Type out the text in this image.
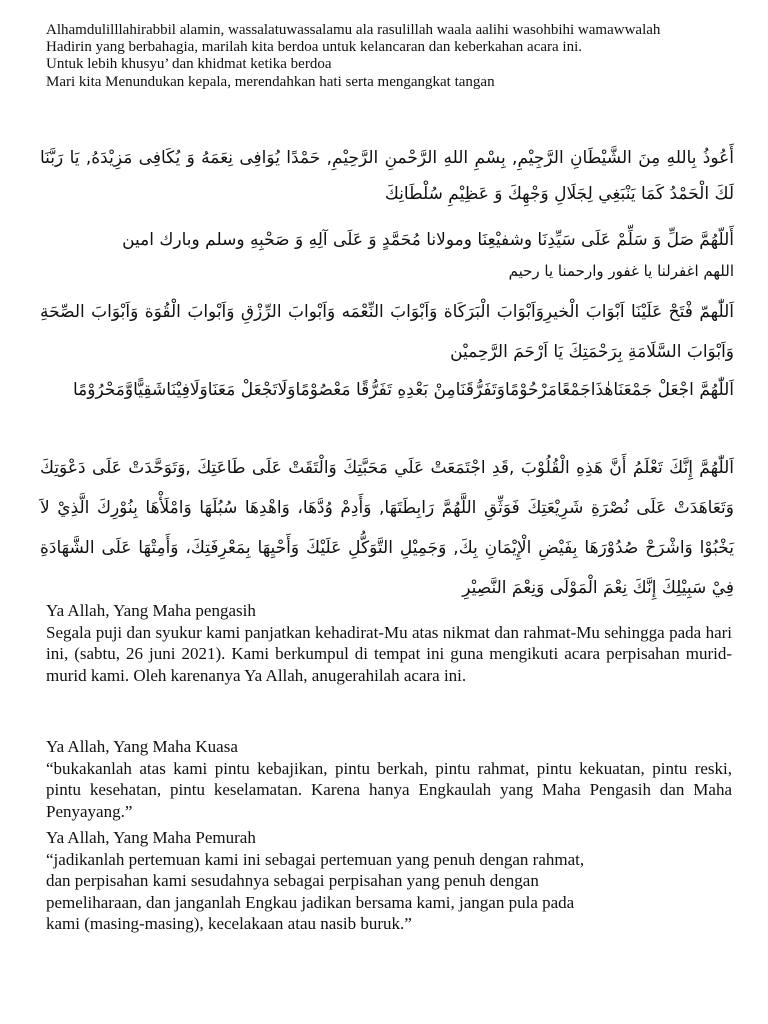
Alhamdulilllahirabbil alamin, wassalatuwassalamu ala rasulillah waala aalihi wasohbihi wamawwalah

Hadirin yang berbahagia, marilah kita berdoa untuk kelancaran dan keberkahan acara ini.

Untuk lebih khusyu’ dan khidmat ketika berdoa

Mari kita Menundukan kepala, merendahkan hati serta mengangkat tangan

أَعُوذُ بِاللهِ مِنَ الشَّيْطَانِ الرَّجِيْمِ, بِسْمِ اللهِ الرَّحْمنِ الرَّحِيْمِ, حَمْدًا يُوَافِى نِعَمَهُ وَ يُكَافِى مَزِيْدَهُ, يَا رَبَّنَا لَكَ الْحَمْدُ كَمَا يَنْبَغِي لِجَلَالِ وَجْهِكَ وَ عَظِيْمِ سُلْطَانِكَ

أَللّهُمَّ صَلِّ وَ سَلِّمْ عَلَى سَيِّدِنَا وشفيْعِنَا ومولانا مُحَمَّدٍ وَ عَلَى آلِهِ وَ صَحْبِهِ وسلم وبارك امين

اللهم اغفرلنا يا غفور وارحمنا يا رحيم

اَللّٰهمّ فْتَحْ عَلَيْنَا اَبْوَابَ الْخيرِوَاَبْوَابَ الْبَرَكَاة وَاَبْوَابَ النِّعْمَه وَاَبْوابَ الرِّزْقِ وَاَبْوابَ الْقُوَة وَاَبْوَابَ الصِّحَةِ وَاَبْوَابَ السَّلَامَةِ بِرَحْمَتِكَ يَا اَرْحَمَ الرَّحِميْن

اَللّٰهُمَّ اجْعَلْ جَمْعَنَاهٰذَاجَمْعًامَرْحُوْمًاوَتَفَرُّقَنَامِنْ بَعْدِهِ تَفَرُّقًا مَعْصُوْمًاوَلَاتَجْعَلْ مَعَنَاوَلَافِيْنَاشَقِيًّاوَّمَحْرُوْمًا

اَللّٰهُمَّ إِنَّكَ تَعْلَمُ أَنَّ هَذِهِ الْقُلُوْبَ ,قَدِ اجْتَمَعَتْ عَلَي مَحَبَّتِكَ وَالْتَقَتْ عَلَى طَاعَتِكَ ,وَتَوَحَّدَتْ عَلَى دَعْوَتِكَ وَتَعَاهَدَتْ عَلَى نُصْرَةِ شَرِيْعَتِكَ فَوَثِّقِ اللَّهُمَّ رَابِطَتَهَا, وَأَدِمْ وُدَّهَا، وَاهْدِهَا سُبُلَهَا وَامْلَأْهَا بِنُوْرِكَ الَّذِيْ لاَ يَخْبُوْا وَاشْرَحْ صُدُوْرَهَا بِفَيْضِ الْإِيْمَانِ بِكَ, وَجَمِيْلِ التَّوَكُّلِ عَلَيْكَ وَأَحْيِهَا بِمَعْرِفَتِكَ، وَأَمِتْهَا عَلَى الشَّهَادَةِ فِيْ سَبِيْلِكَ إِنَّكَ نِعْمَ الْمَوْلَى وَنِعْمَ النَّصِيْرِ

Ya Allah, Yang Maha pengasih

Segala puji dan syukur kami panjatkan kehadirat-Mu atas nikmat dan rahmat-Mu sehingga pada hari ini, (sabtu, 26 juni 2021). Kami berkumpul di tempat ini guna mengikuti acara perpisahan murid-murid kami. Oleh karenanya Ya Allah, anugerahilah acara ini.

Ya Allah, Yang Maha Kuasa

“bukakanlah atas kami pintu kebajikan, pintu berkah, pintu rahmat, pintu kekuatan, pintu reski, pintu kesehatan, pintu keselamatan. Karena hanya Engkaulah yang Maha Pengasih dan Maha Penyayang.”

Ya Allah, Yang Maha Pemurah

“jadikanlah pertemuan kami ini sebagai pertemuan yang penuh dengan rahmat,

dan perpisahan kami sesudahnya sebagai perpisahan yang penuh dengan

pemeliharaan, dan janganlah Engkau jadikan bersama kami, jangan pula pada

kami (masing-masing), kecelakaan atau nasib buruk.”
